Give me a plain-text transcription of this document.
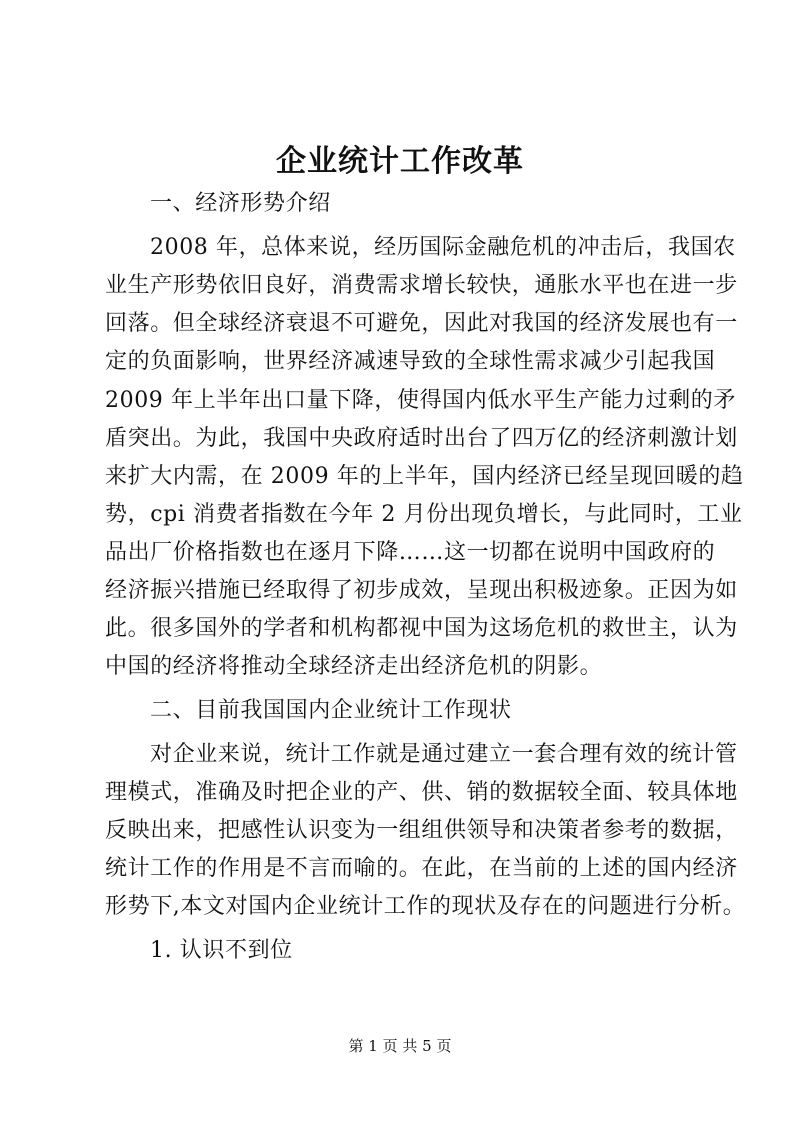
企业统计工作改革
一、经济形势介绍
2008 年，总体来说，经历国际金融危机的冲击后，我国农
业生产形势依旧良好，消费需求增长较快，通胀水平也在进一步
回落。但全球经济衰退不可避免，因此对我国的经济发展也有一
定的负面影响，世界经济减速导致的全球性需求减少引起我国
2009 年上半年出口量下降，使得国内低水平生产能力过剩的矛
盾突出。为此，我国中央政府适时出台了四万亿的经济刺激计划
来扩大内需，在 2009 年的上半年，国内经济已经呈现回暖的趋
势，cpi 消费者指数在今年 2 月份出现负增长，与此同时，工业
品出厂价格指数也在逐月下降……这一切都在说明中国政府的
经济振兴措施已经取得了初步成效，呈现出积极迹象。正因为如
此。很多国外的学者和机构都视中国为这场危机的救世主，认为
中国的经济将推动全球经济走出经济危机的阴影。
二、目前我国国内企业统计工作现状
对企业来说，统计工作就是通过建立一套合理有效的统计管
理模式，准确及时把企业的产、供、销的数据较全面、较具体地
反映出来，把感性认识变为一组组供领导和决策者参考的数据，
统计工作的作用是不言而喻的。在此，在当前的上述的国内经济
形势下,本文对国内企业统计工作的现状及存在的问题进行分析。
1. 认识不到位
第 1 页 共 5 页
